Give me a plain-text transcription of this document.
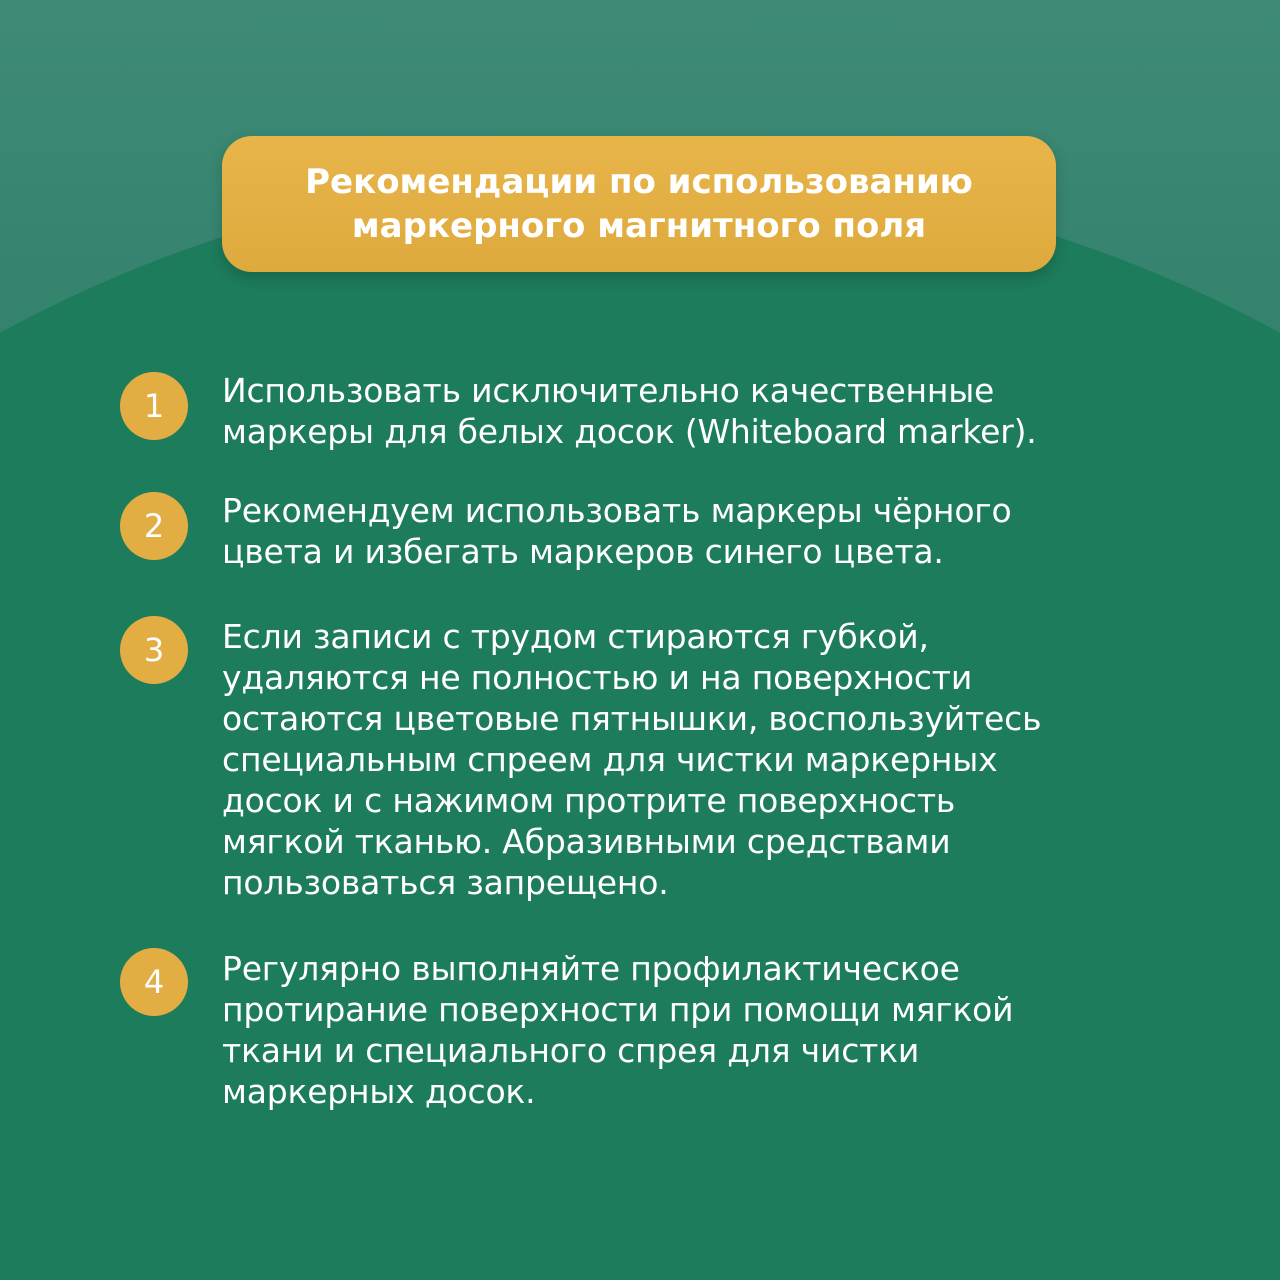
Рекомендации по использованию
маркерного магнитного поля
1 Использовать исключительно качественные
маркеры для белых досок (Whiteboard marker).
2 Рекомендуем использовать маркеры чёрного
цвета и избегать маркеров синего цвета.
3 Если записи с трудом стираются губкой,
удаляются не полностью и на поверхности
остаются цветовые пятнышки, воспользуйтесь
специальным спреем для чистки маркерных
досок и с нажимом протрите поверхность
мягкой тканью. Абразивными средствами
пользоваться запрещено.
4 Регулярно выполняйте профилактическое
протирание поверхности при помощи мягкой
ткани и специального спрея для чистки
маркерных досок.
